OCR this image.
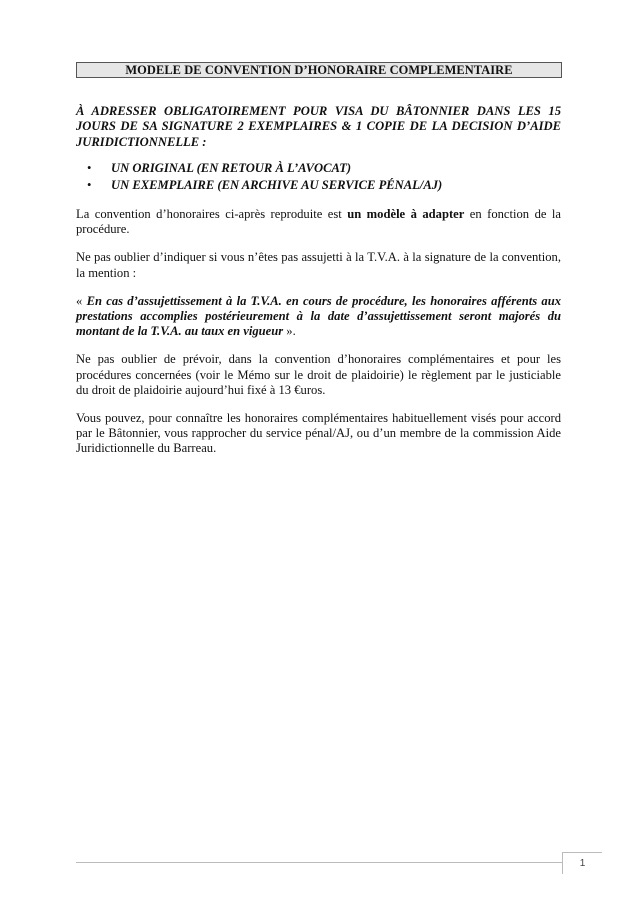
MODELE DE CONVENTION D’HONORAIRE COMPLEMENTAIRE

À ADRESSER OBLIGATOIREMENT POUR VISA DU BÂTONNIER DANS LES 15 JOURS DE SA SIGNATURE 2 EXEMPLAIRES & 1 COPIE DE LA DECISION D’AIDE JURIDICTIONNELLE :

• UN ORIGINAL (EN RETOUR À L’AVOCAT)
• UN EXEMPLAIRE (EN ARCHIVE AU SERVICE PÉNAL/AJ)

La convention d’honoraires ci-après reproduite est un modèle à adapter en fonction de la procédure.

Ne pas oublier d’indiquer si vous n’êtes pas assujetti à la T.V.A. à la signature de la convention, la mention :

« En cas d’assujettissement à la T.V.A. en cours de procédure, les honoraires afférents aux prestations accomplies postérieurement à la date d’assujettissement seront majorés du montant de la T.V.A. au taux en vigueur ».

Ne pas oublier de prévoir, dans la convention d’honoraires complémentaires et pour les procédures concernées (voir le Mémo sur le droit de plaidoirie) le règlement par le justiciable du droit de plaidoirie aujourd’hui fixé à 13 €uros.

Vous pouvez, pour connaître les honoraires complémentaires habituellement visés pour accord par le Bâtonnier, vous rapprocher du service pénal/AJ, ou d’un membre de la commission Aide Juridictionnelle du Barreau.

1
